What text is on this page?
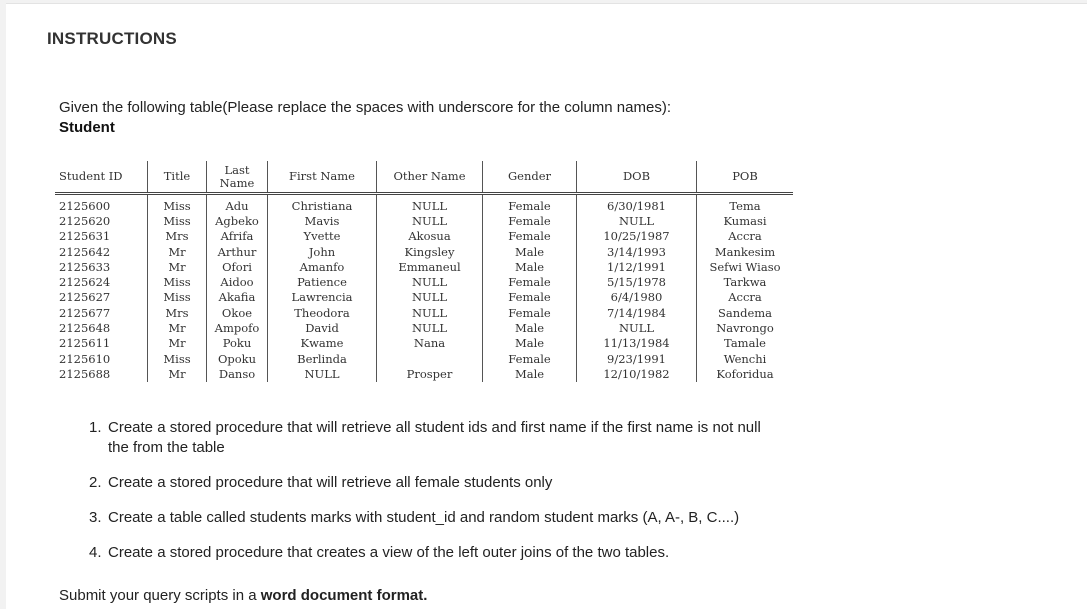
INSTRUCTIONS
Given the following table(Please replace the spaces with underscore for the column names):
Student
Student ID	Title	Last Name	First Name	Other Name	Gender	DOB	POB
2125600	Miss	Adu	Christiana	NULL	Female	6/30/1981	Tema
2125620	Miss	Agbeko	Mavis	NULL	Female	NULL	Kumasi
2125631	Mrs	Afrifa	Yvette	Akosua	Female	10/25/1987	Accra
2125642	Mr	Arthur	John	Kingsley	Male	3/14/1993	Mankesim
2125633	Mr	Ofori	Amanfo	Emmaneul	Male	1/12/1991	Sefwi Wiaso
2125624	Miss	Aidoo	Patience	NULL	Female	5/15/1978	Tarkwa
2125627	Miss	Akafia	Lawrencia	NULL	Female	6/4/1980	Accra
2125677	Mrs	Okoe	Theodora	NULL	Female	7/14/1984	Sandema
2125648	Mr	Ampofo	David	NULL	Male	NULL	Navrongo
2125611	Mr	Poku	Kwame	Nana	Male	11/13/1984	Tamale
2125610	Miss	Opoku	Berlinda		Female	9/23/1991	Wenchi
2125688	Mr	Danso	NULL	Prosper	Male	12/10/1982	Koforidua
1. Create a stored procedure that will retrieve all student ids and first name if the first name is not null
the from the table
2. Create a stored procedure that will retrieve all female students only
3. Create a table called students marks with student_id and random student marks (A, A-, B, C....)
4. Create a stored procedure that creates a view of the left outer joins of the two tables.
Submit your query scripts in a word document format.
